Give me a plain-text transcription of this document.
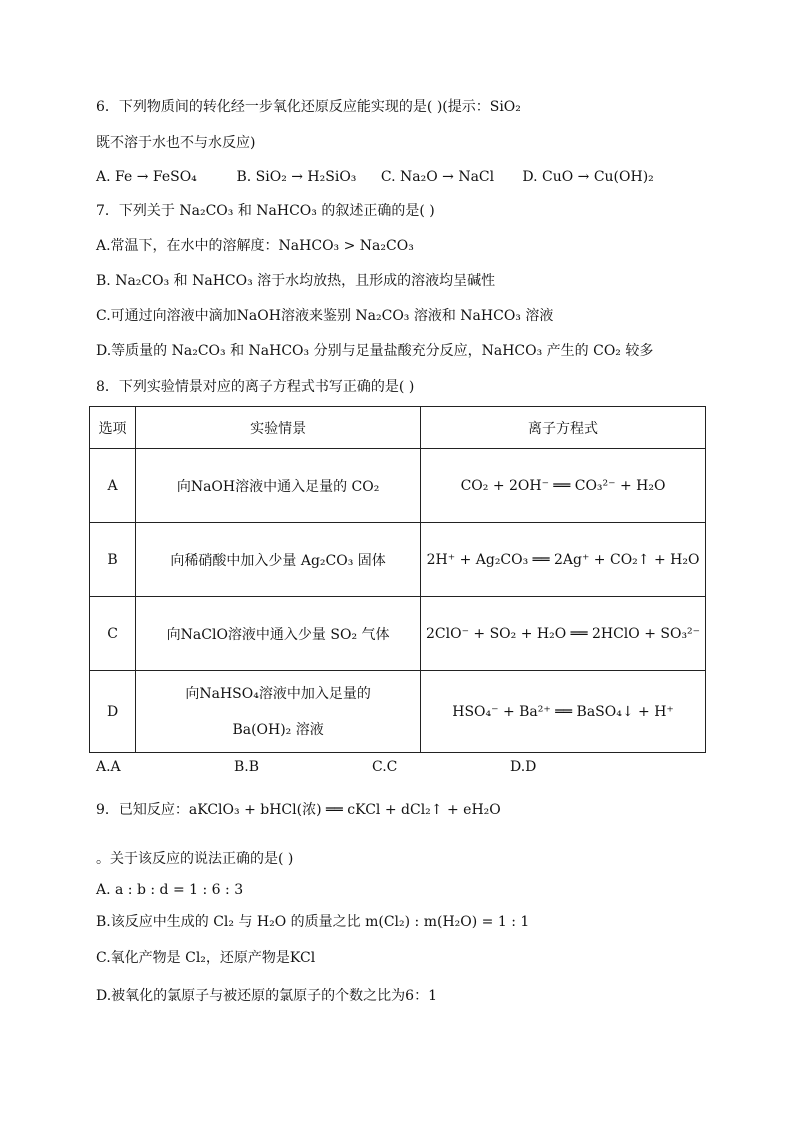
6．下列物质间的转化经一步氧化还原反应能实现的是( )(提示：SiO₂
既不溶于水也不与水反应)
A. Fe → FeSO₄	B. SiO₂ → H₂SiO₃ C. Na₂O → NaCl D. CuO → Cu(OH)₂
7．下列关于 Na₂CO₃ 和 NaHCO₃ 的叙述正确的是( )
A.常温下，在水中的溶解度：NaHCO₃ > Na₂CO₃
B. Na₂CO₃ 和 NaHCO₃ 溶于水均放热，且形成的溶液均呈碱性
C.可通过向溶液中滴加NaOH溶液来鉴别 Na₂CO₃ 溶液和 NaHCO₃ 溶液
D.等质量的 Na₂CO₃ 和 NaHCO₃ 分别与足量盐酸充分反应，NaHCO₃ 产生的 CO₂ 较多
8．下列实验情景对应的离子方程式书写正确的是( )
选项	实验情景	离子方程式
A	向NaOH溶液中通入足量的 CO₂	CO₂ + 2OH⁻ ══ CO₃²⁻ + H₂O
B	向稀硝酸中加入少量 Ag₂CO₃ 固体	2H⁺ + Ag₂CO₃ ══ 2Ag⁺ + CO₂↑ + H₂O
C	向NaClO溶液中通入少量 SO₂ 气体	2ClO⁻ + SO₂ + H₂O ══ 2HClO + SO₃²⁻
D	向NaHSO₄溶液中加入足量的
Ba(OH)₂ 溶液	HSO₄⁻ + Ba²⁺ ══ BaSO₄↓ + H⁺
A.A	B.B	C.C	D.D
9．已知反应：aKClO₃ + bHCl(浓) ══ cKCl + dCl₂↑ + eH₂O
。关于该反应的说法正确的是( )
A. a : b : d = 1 : 6 : 3
B.该反应中生成的 Cl₂ 与 H₂O 的质量之比 m(Cl₂) : m(H₂O) = 1 : 1
C.氧化产物是 Cl₂，还原产物是KCl
D.被氧化的氯原子与被还原的氯原子的个数之比为6：1
